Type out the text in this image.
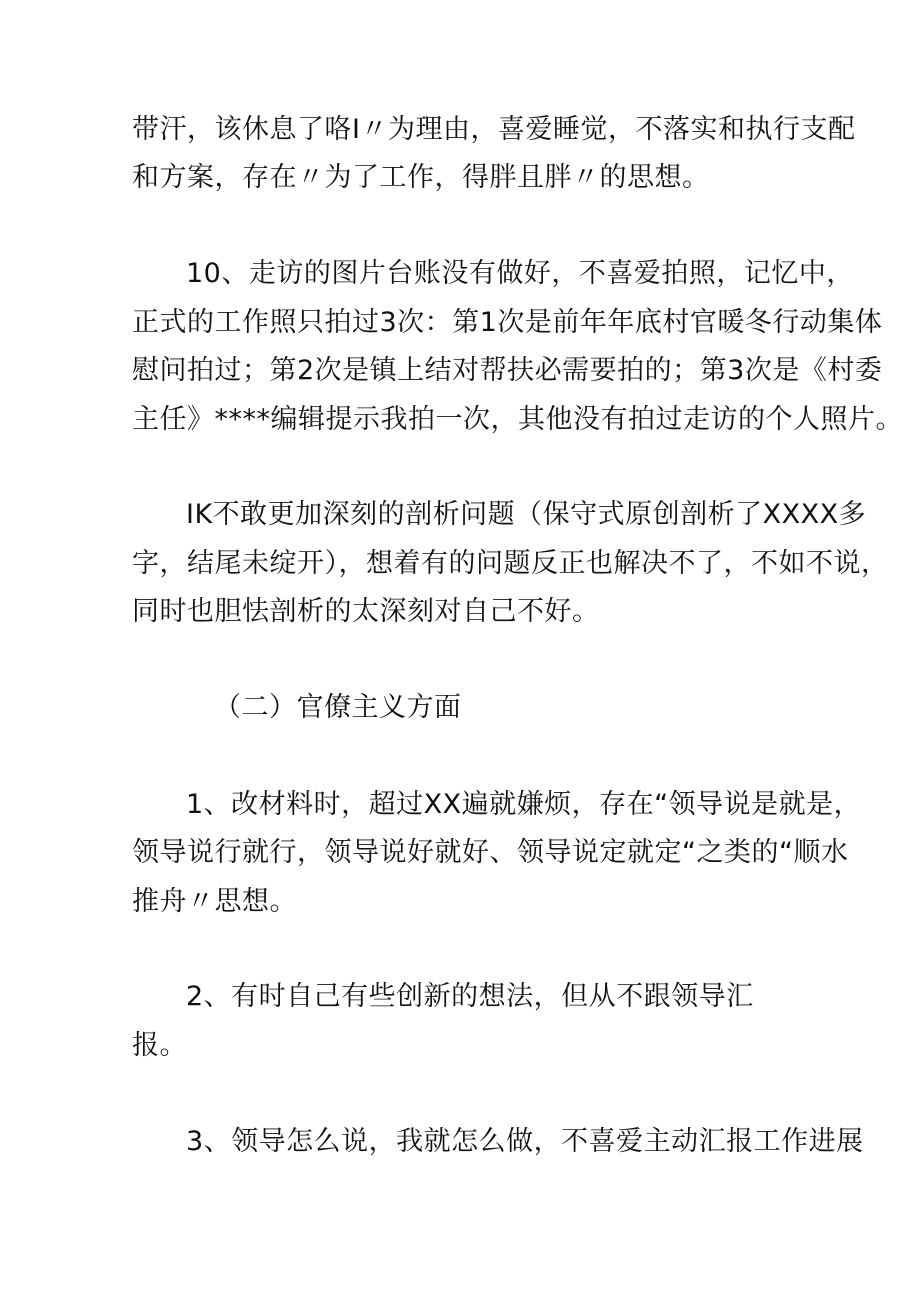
带汗，该休息了咯I〃为理由，喜爱睡觉，不落实和执行支配
和方案，存在〃为了工作，得胖且胖〃的思想。
10、走访的图片台账没有做好，不喜爱拍照，记忆中，
正式的工作照只拍过3次：第1次是前年年底村官暖冬行动集体
慰问拍过；第2次是镇上结对帮扶必需要拍的；第3次是《村委
主任》****编辑提示我拍一次，其他没有拍过走访的个人照片。
IK不敢更加深刻的剖析问题（保守式原创剖析了XXXX多
字，结尾未绽开），想着有的问题反正也解决不了，不如不说，
同时也胆怯剖析的太深刻对自己不好。
（二）官僚主义方面
1、改材料时，超过XX遍就嫌烦，存在“领导说是就是，
领导说行就行，领导说好就好、领导说定就定“之类的“顺水
推舟〃思想。
2、有时自己有些创新的想法，但从不跟领导汇
报。
3、领导怎么说，我就怎么做，不喜爱主动汇报工作进展
